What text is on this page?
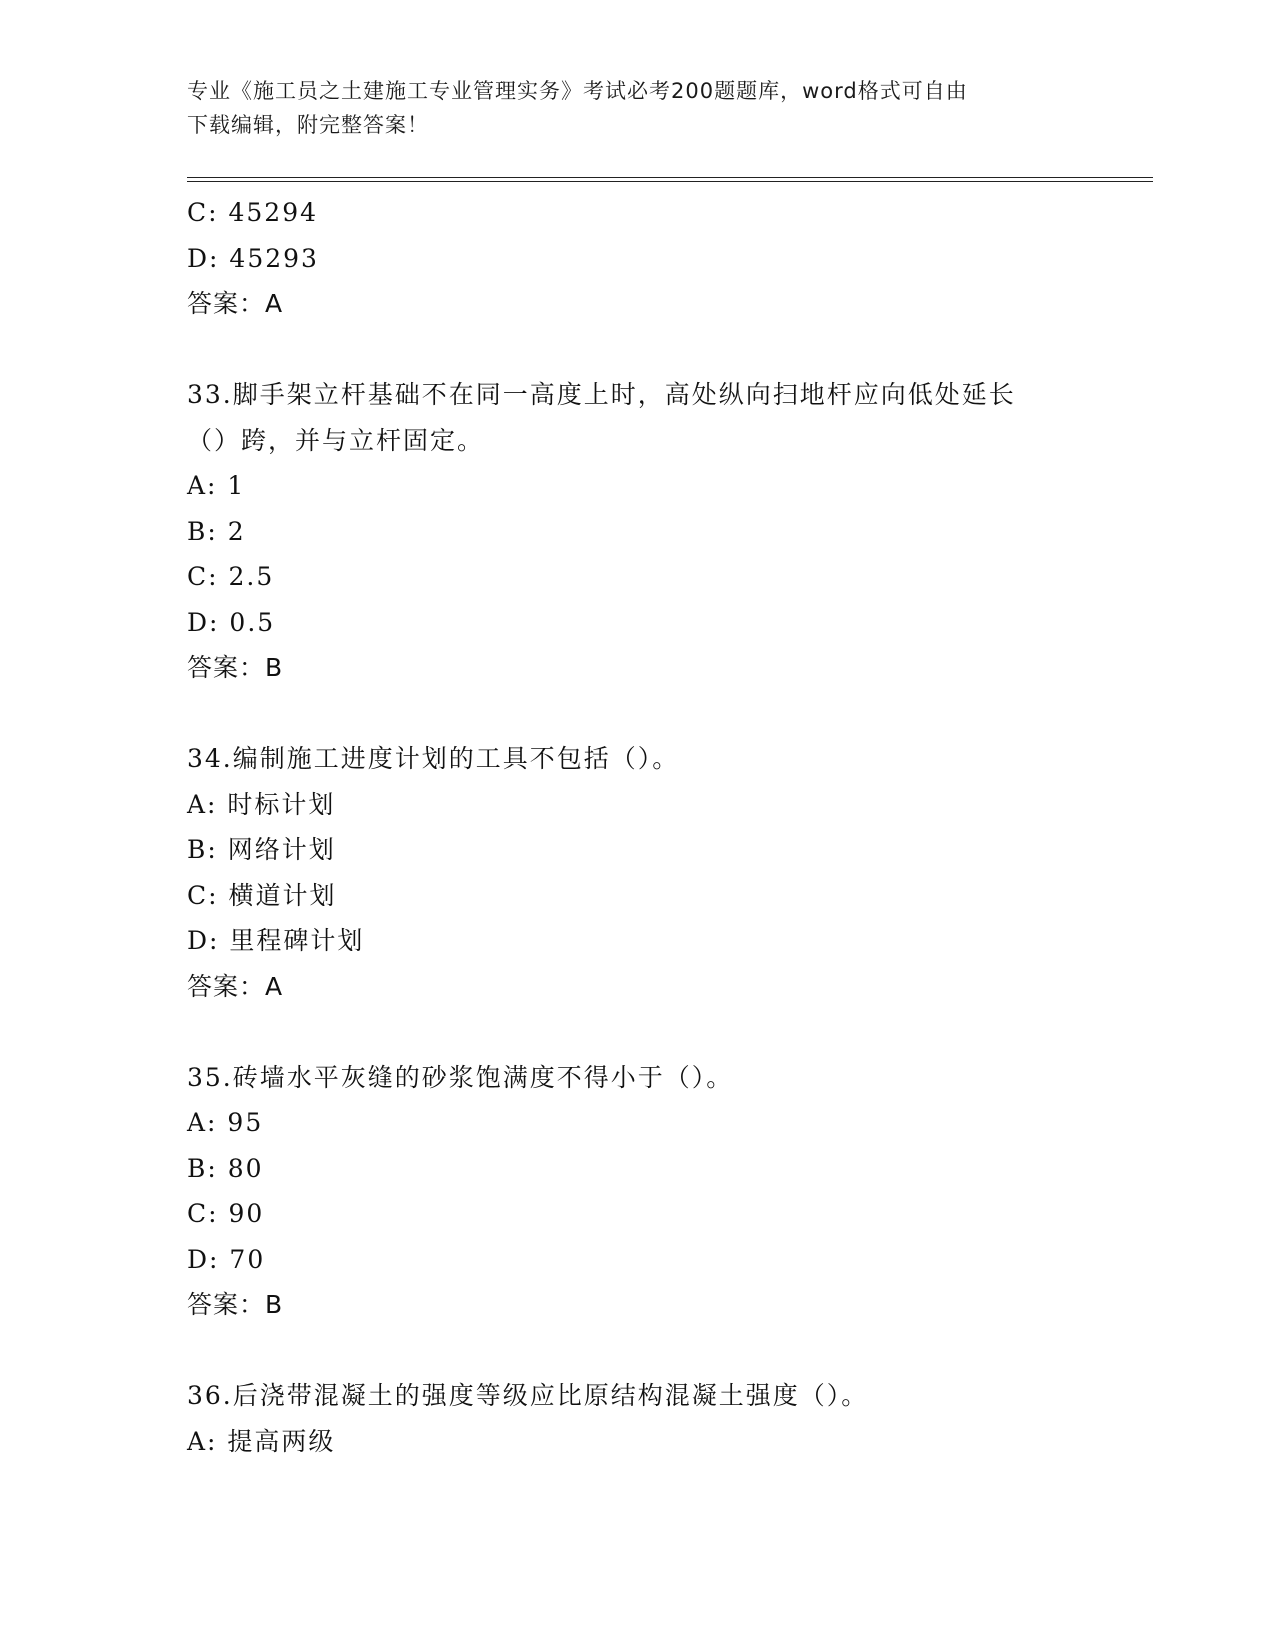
专业《施工员之土建施工专业管理实务》考试必考200题题库，word格式可自由
下载编辑，附完整答案！
C: 45294
D: 45293
答案：A
33.脚手架立杆基础不在同一高度上时，高处纵向扫地杆应向低处延长
（）跨，并与立杆固定。
A: 1
B: 2
C: 2.5
D: 0.5
答案：B
34.编制施工进度计划的工具不包括（）。
A: 时标计划
B: 网络计划
C: 横道计划
D: 里程碑计划
答案：A
35.砖墙水平灰缝的砂浆饱满度不得小于（）。
A: 95
B: 80
C: 90
D: 70
答案：B
36.后浇带混凝土的强度等级应比原结构混凝土强度（）。
A: 提高两级
